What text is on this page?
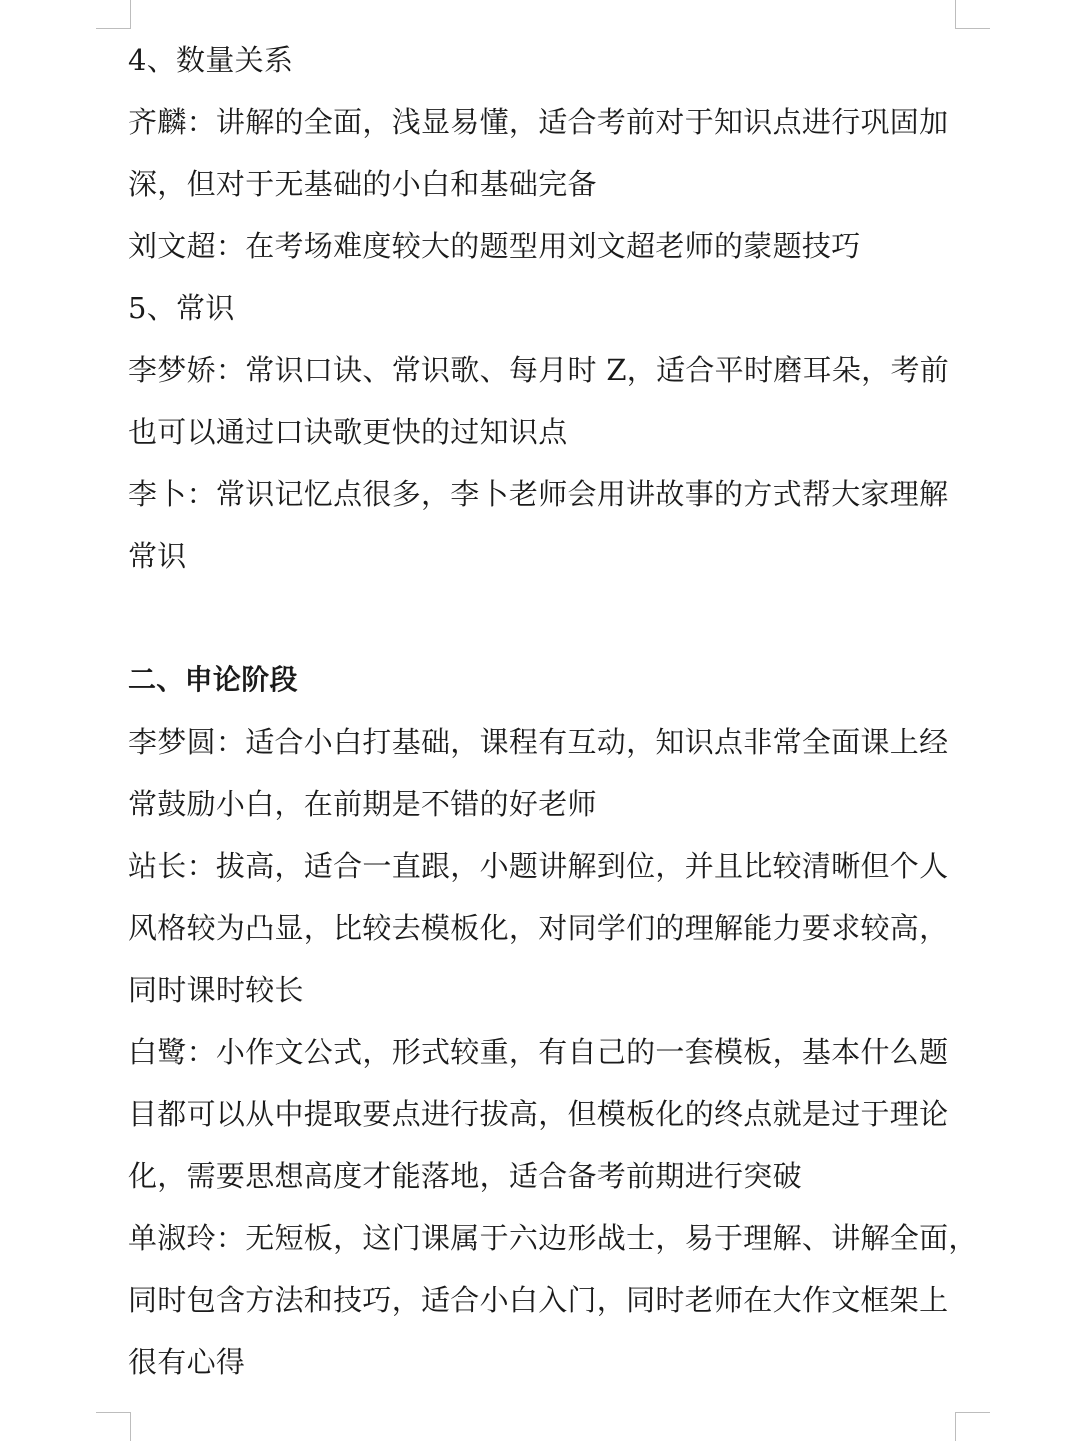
4、数量关系
齐麟：讲解的全面，浅显易懂，适合考前对于知识点进行巩固加
深，但对于无基础的小白和基础完备
刘文超：在考场难度较大的题型用刘文超老师的蒙题技巧
5、常识
李梦娇：常识口诀、常识歌、每月时 Z，适合平时磨耳朵，考前
也可以通过口诀歌更快的过知识点
李卜：常识记忆点很多，李卜老师会用讲故事的方式帮大家理解
常识
二、申论阶段
李梦圆：适合小白打基础，课程有互动，知识点非常全面课上经
常鼓励小白，在前期是不错的好老师
站长：拔高，适合一直跟，小题讲解到位，并且比较清晰但个人
风格较为凸显，比较去模板化，对同学们的理解能力要求较高，
同时课时较长
白鹭：小作文公式，形式较重，有自己的一套模板，基本什么题
目都可以从中提取要点进行拔高，但模板化的终点就是过于理论
化，需要思想高度才能落地，适合备考前期进行突破
单淑玲：无短板，这门课属于六边形战士，易于理解、讲解全面，
同时包含方法和技巧，适合小白入门，同时老师在大作文框架上
很有心得
